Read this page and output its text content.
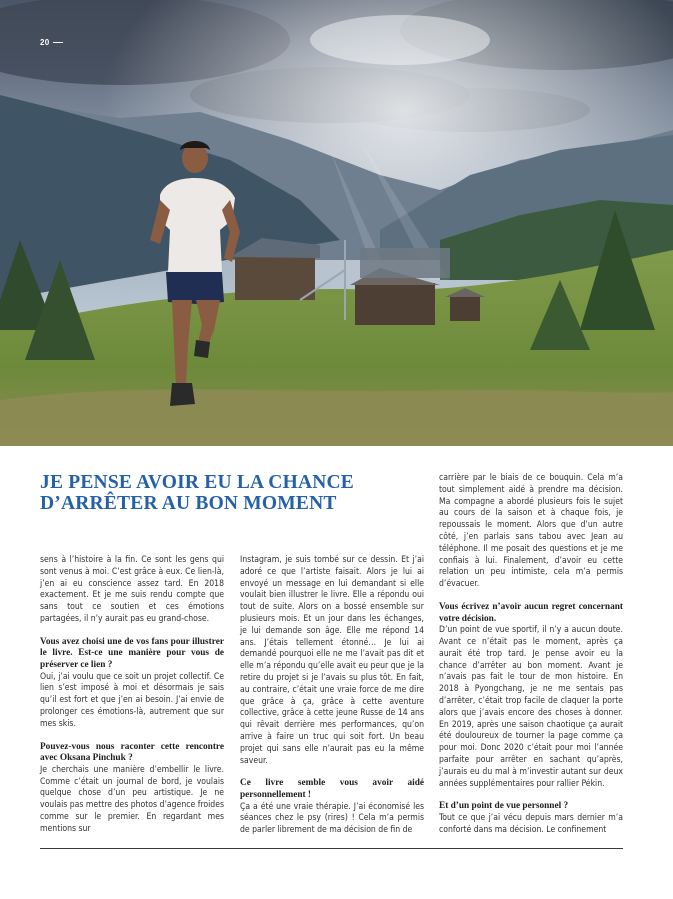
20
JE PENSE AVOIR EU LA CHANCE D’ARRÊTER AU BON MOMENT

sens à l’histoire à la fin. Ce sont les gens qui sont venus à moi. C’est grâce à eux. Ce lien-là, j’en ai eu conscience assez tard. En 2018 exactement. Et je me suis rendu compte que sans tout ce soutien et ces émotions partagées, il n’y aurait pas eu grand-chose.

Vous avez choisi une de vos fans pour illustrer le livre. Est-ce une manière pour vous de préserver ce lien ?

Oui, j’ai voulu que ce soit un projet collectif. Ce lien s’est imposé à moi et désormais je sais qu’il est fort et que j’en ai besoin. J’ai envie de prolonger ces émotions-là, autrement que sur mes skis.

Pouvez-vous nous raconter cette rencontre avec Oksana Pinchuk ?

Je cherchais une manière d’embellir le livre. Comme c’était un journal de bord, je voulais quelque chose d’un peu artistique. Je ne voulais pas mettre des photos d’agence froides comme sur le premier. En regardant mes mentions sur

Instagram, je suis tombé sur ce dessin. Et j’ai adoré ce que l’artiste faisait. Alors je lui ai envoyé un message en lui demandant si elle voulait bien illustrer le livre. Elle a répondu oui tout de suite. Alors on a bossé ensemble sur plusieurs mois. Et un jour dans les échanges, je lui demande son âge. Elle me répond 14 ans. J’étais tellement étonné… Je lui ai demandé pourquoi elle ne me l’avait pas dit et elle m’a répondu qu’elle avait eu peur que je la retire du projet si je l’avais su plus tôt. En fait, au contraire, c’était une vraie force de me dire que grâce à ça, grâce à cette aventure collective, grâce à cette jeune Russe de 14 ans qui rêvait derrière mes performances, qu’on arrive à faire un truc qui soit fort. Un beau projet qui sans elle n’aurait pas eu la même saveur.

Ce livre semble vous avoir aidé personnellement !

Ça a été une vraie thérapie. J’ai économisé les séances chez le psy (rires) ! Cela m’a permis de parler librement de ma décision de fin de

carrière par le biais de ce bouquin. Cela m’a tout simplement aidé à prendre ma décision. Ma compagne a abordé plusieurs fois le sujet au cours de la saison et à chaque fois, je repoussais le moment. Alors que d’un autre côté, j’en parlais sans tabou avec Jean au téléphone. Il me posait des questions et je me confiais à lui. Finalement, d’avoir eu cette relation un peu intimiste, cela m’a permis d’évacuer.

Vous écrivez n’avoir aucun regret concernant votre décision.

D’un point de vue sportif, il n’y a aucun doute. Avant ce n’était pas le moment, après ça aurait été trop tard. Je pense avoir eu la chance d’arrêter au bon moment. Avant je n’avais pas fait le tour de mon histoire. En 2018 à Pyongchang, je ne me sentais pas d’arrêter, c’était trop facile de claquer la porte alors que j’avais encore des choses à donner. En 2019, après une saison chaotique ça aurait été douloureux de tourner la page comme ça pour moi. Donc 2020 c’était pour moi l’année parfaite pour arrêter en sachant qu’après, j’aurais eu du mal à m’investir autant sur deux années supplémentaires pour rallier Pékin.

Et d’un point de vue personnel ?

Tout ce que j’ai vécu depuis mars dernier m’a conforté dans ma décision. Le confinement
